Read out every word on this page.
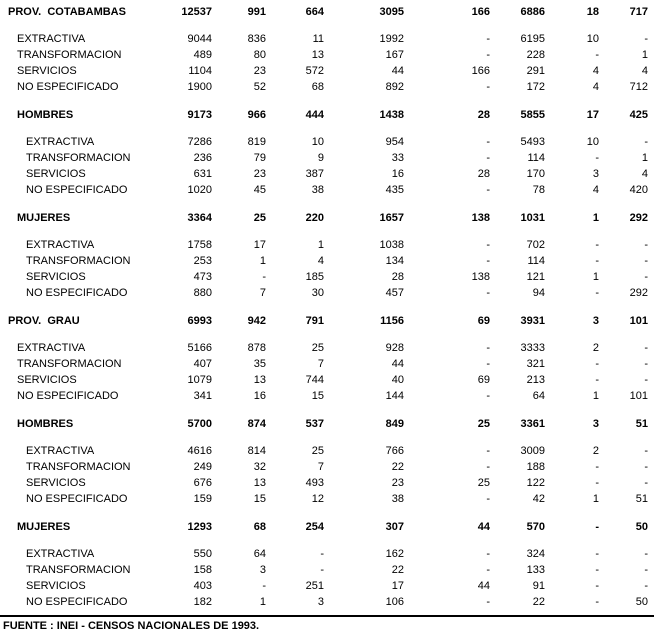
PROV.  COTABAMBAS	12537	991	664	3095	166	6886	18	717
EXTRACTIVA	9044	836	11	1992	-	6195	10	-
TRANSFORMACION	489	80	13	167	-	228	-	1
SERVICIOS	1104	23	572	44	166	291	4	4
NO ESPECIFICADO	1900	52	68	892	-	172	4	712
HOMBRES	9173	966	444	1438	28	5855	17	425
EXTRACTIVA	7286	819	10	954	-	5493	10	-
TRANSFORMACION	236	79	9	33	-	114	-	1
SERVICIOS	631	23	387	16	28	170	3	4
NO ESPECIFICADO	1020	45	38	435	-	78	4	420
MUJERES	3364	25	220	1657	138	1031	1	292
EXTRACTIVA	1758	17	1	1038	-	702	-	-
TRANSFORMACION	253	1	4	134	-	114	-	-
SERVICIOS	473	-	185	28	138	121	1	-
NO ESPECIFICADO	880	7	30	457	-	94	-	292
PROV.  GRAU	6993	942	791	1156	69	3931	3	101
EXTRACTIVA	5166	878	25	928	-	3333	2	-
TRANSFORMACION	407	35	7	44	-	321	-	-
SERVICIOS	1079	13	744	40	69	213	-	-
NO ESPECIFICADO	341	16	15	144	-	64	1	101
HOMBRES	5700	874	537	849	25	3361	3	51
EXTRACTIVA	4616	814	25	766	-	3009	2	-
TRANSFORMACION	249	32	7	22	-	188	-	-
SERVICIOS	676	13	493	23	25	122	-	-
NO ESPECIFICADO	159	15	12	38	-	42	1	51
MUJERES	1293	68	254	307	44	570	-	50
EXTRACTIVA	550	64	-	162	-	324	-	-
TRANSFORMACION	158	3	-	22	-	133	-	-
SERVICIOS	403	-	251	17	44	91	-	-
NO ESPECIFICADO	182	1	3	106	-	22	-	50
FUENTE : INEI - CENSOS NACIONALES DE 1993.
